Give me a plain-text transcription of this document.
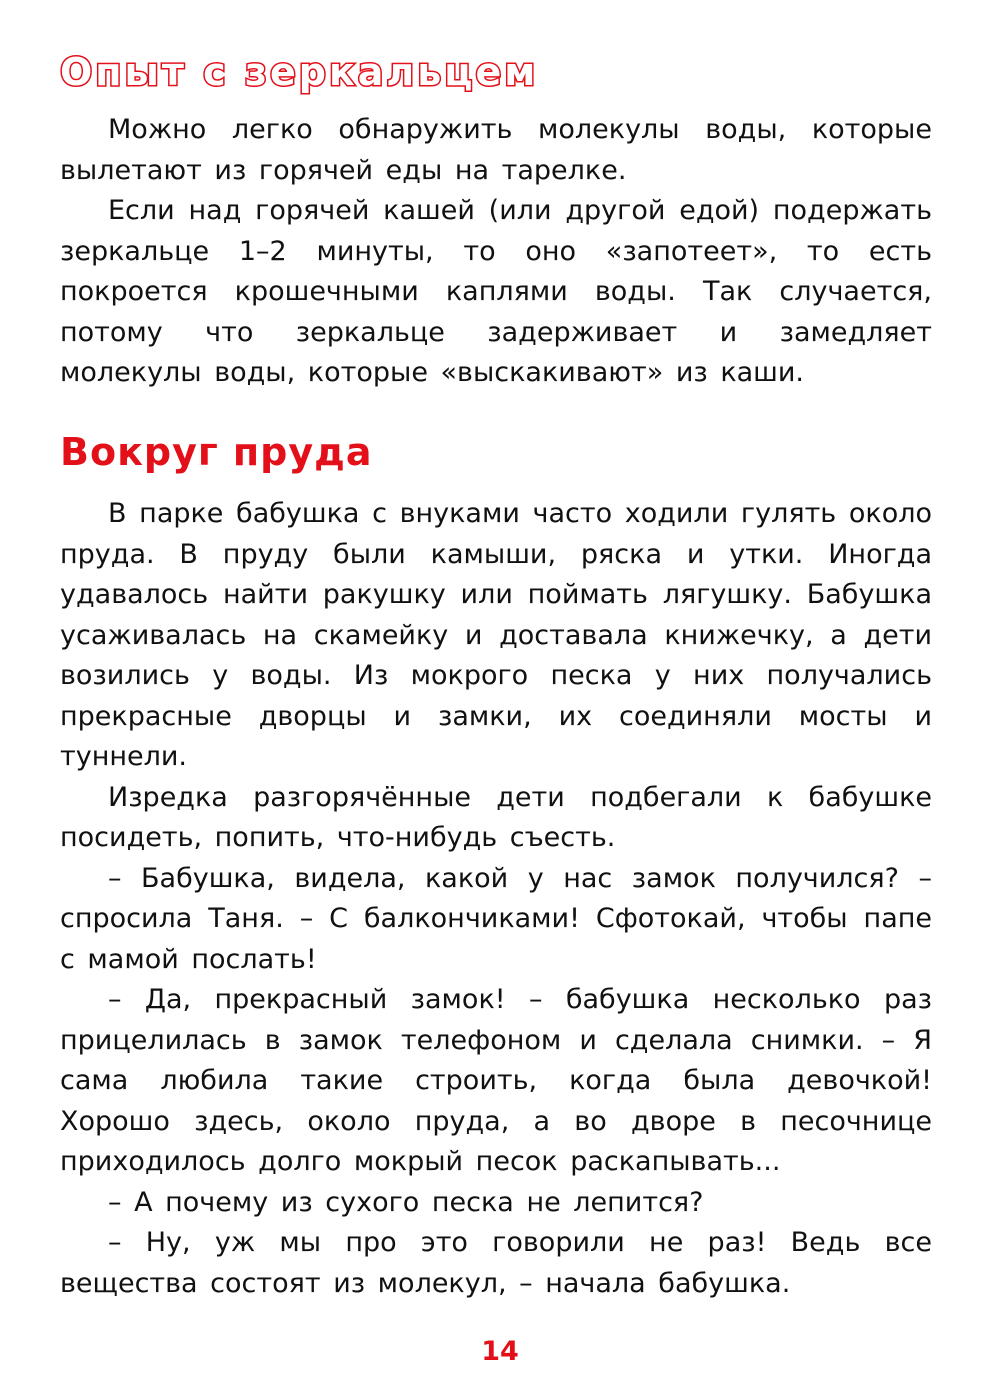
Опыт с зеркальцем

Можно легко обнаружить молекулы воды, которые вылетают из горячей еды на тарелке.

Если над горячей кашей (или другой едой) подержать зеркальце 1–2 минуты, то оно «запотеет», то есть покроется крошечными каплями воды. Так случается, потому что зеркальце задерживает и замедляет молекулы воды, которые «выскакивают» из каши.

Вокруг пруда

В парке бабушка с внуками часто ходили гулять около пруда. В пруду были камыши, ряска и утки. Иногда удавалось найти ракушку или поймать лягушку. Бабушка усаживалась на скамейку и доставала книжечку, а дети возились у воды. Из мокрого песка у них получались прекрасные дворцы и замки, их соединяли мосты и туннели.

Изредка разгорячённые дети подбегали к бабушке посидеть, попить, что-нибудь съесть.

– Бабушка, видела, какой у нас замок получился? – спросила Таня. – С балкончиками! Сфотокай, чтобы папе с мамой послать!

– Да, прекрасный замок! – бабушка несколько раз прицелилась в замок телефоном и сделала снимки. – Я сама любила такие строить, когда была девочкой! Хорошо здесь, около пруда, а во дворе в песочнице приходилось долго мокрый песок раскапывать...

– А почему из сухого песка не лепится?

– Ну, уж мы про это говорили не раз! Ведь все вещества состоят из молекул, – начала бабушка.

14
